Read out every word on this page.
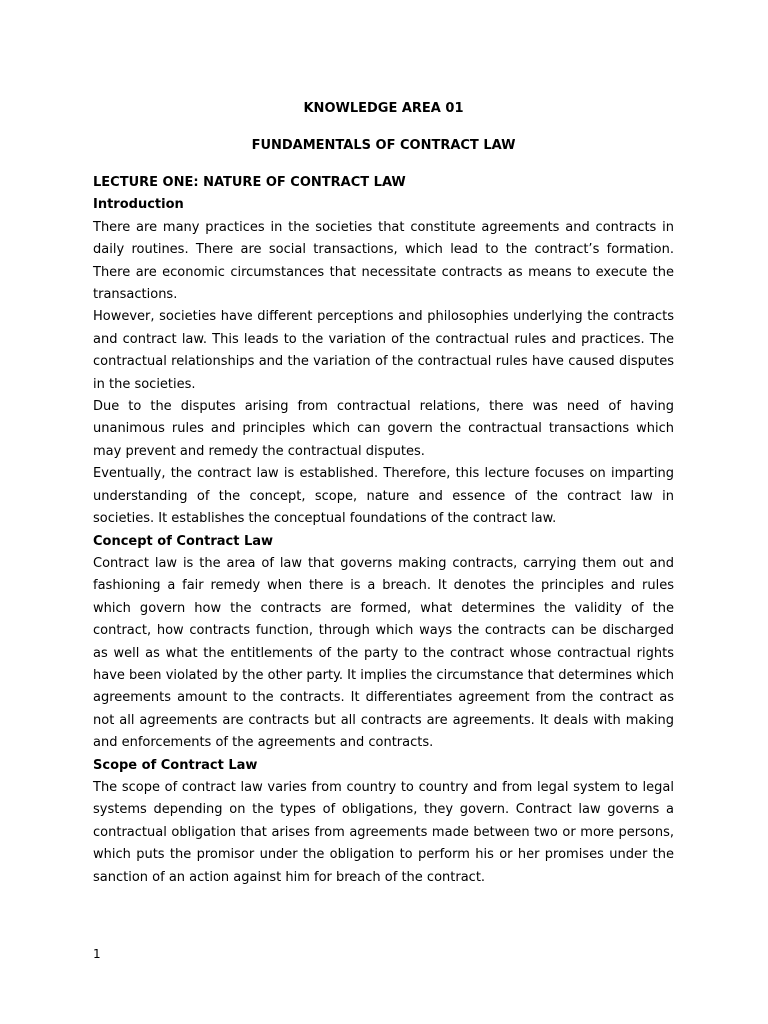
KNOWLEDGE AREA 01

FUNDAMENTALS OF CONTRACT LAW

LECTURE ONE: NATURE OF CONTRACT LAW

Introduction

There are many practices in the societies that constitute agreements and contracts in daily routines. There are social transactions, which lead to the contract’s formation. There are economic circumstances that necessitate contracts as means to execute the transactions.

However, societies have different perceptions and philosophies underlying the contracts and contract law. This leads to the variation of the contractual rules and practices. The contractual relationships and the variation of the contractual rules have caused disputes in the societies.

Due to the disputes arising from contractual relations, there was need of having unanimous rules and principles which can govern the contractual transactions which may prevent and remedy the contractual disputes.

Eventually, the contract law is established. Therefore, this lecture focuses on imparting understanding of the concept, scope, nature and essence of the contract law in societies. It establishes the conceptual foundations of the contract law.

Concept of Contract Law

Contract law is the area of law that governs making contracts, carrying them out and fashioning a fair remedy when there is a breach. It denotes the principles and rules which govern how the contracts are formed, what determines the validity of the contract, how contracts function, through which ways the contracts can be discharged as well as what the entitlements of the party to the contract whose contractual rights have been violated by the other party. It implies the circumstance that determines which agreements amount to the contracts. It differentiates agreement from the contract as not all agreements are contracts but all contracts are agreements. It deals with making and enforcements of the agreements and contracts.

Scope of Contract Law

The scope of contract law varies from country to country and from legal system to legal systems depending on the types of obligations, they govern. Contract law governs a contractual obligation that arises from agreements made between two or more persons, which puts the promisor under the obligation to perform his or her promises under the sanction of an action against him for breach of the contract.

1
